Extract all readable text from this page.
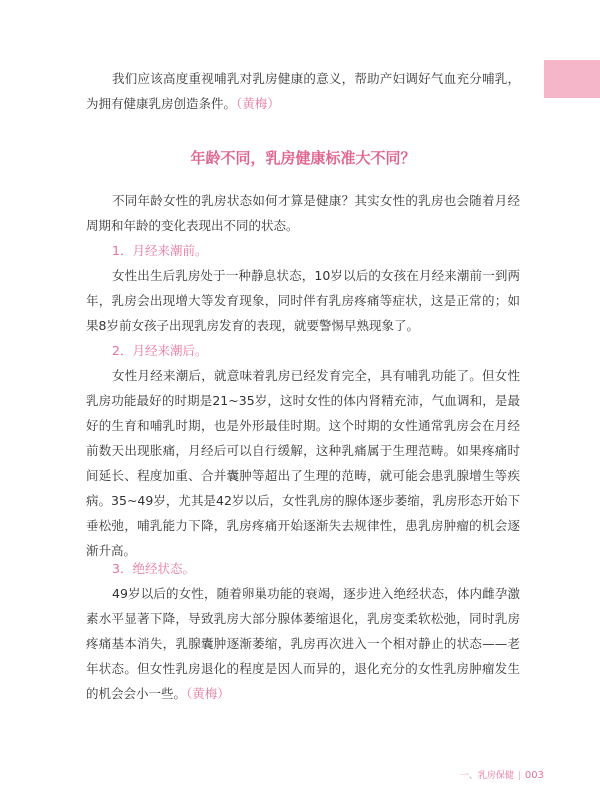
我们应该高度重视哺乳对乳房健康的意义，帮助产妇调好气血充分哺乳，为拥有健康乳房创造条件。（黄梅）

年龄不同，乳房健康标准大不同？

不同年龄女性的乳房状态如何才算是健康？其实女性的乳房也会随着月经周期和年龄的变化表现出不同的状态。

1．月经来潮前。

女性出生后乳房处于一种静息状态，10岁以后的女孩在月经来潮前一到两年，乳房会出现增大等发育现象，同时伴有乳房疼痛等症状，这是正常的；如果8岁前女孩子出现乳房发育的表现，就要警惕早熟现象了。

2．月经来潮后。

女性月经来潮后，就意味着乳房已经发育完全，具有哺乳功能了。但女性乳房功能最好的时期是21~35岁，这时女性的体内肾精充沛，气血调和，是最好的生育和哺乳时期，也是外形最佳时期。这个时期的女性通常乳房会在月经前数天出现胀痛，月经后可以自行缓解，这种乳痛属于生理范畴。如果疼痛时间延长、程度加重、合并囊肿等超出了生理的范畴，就可能会患乳腺增生等疾病。35~49岁，尤其是42岁以后，女性乳房的腺体逐步萎缩，乳房形态开始下垂松弛，哺乳能力下降，乳房疼痛开始逐渐失去规律性，患乳房肿瘤的机会逐渐升高。

3．绝经状态。

49岁以后的女性，随着卵巢功能的衰竭，逐步进入绝经状态，体内雌孕激素水平显著下降，导致乳房大部分腺体萎缩退化，乳房变柔软松弛，同时乳房疼痛基本消失，乳腺囊肿逐渐萎缩，乳房再次进入一个相对静止的状态——老年状态。但女性乳房退化的程度是因人而异的，退化充分的女性乳房肿瘤发生的机会会小一些。（黄梅）

一、乳房保健 | 003
